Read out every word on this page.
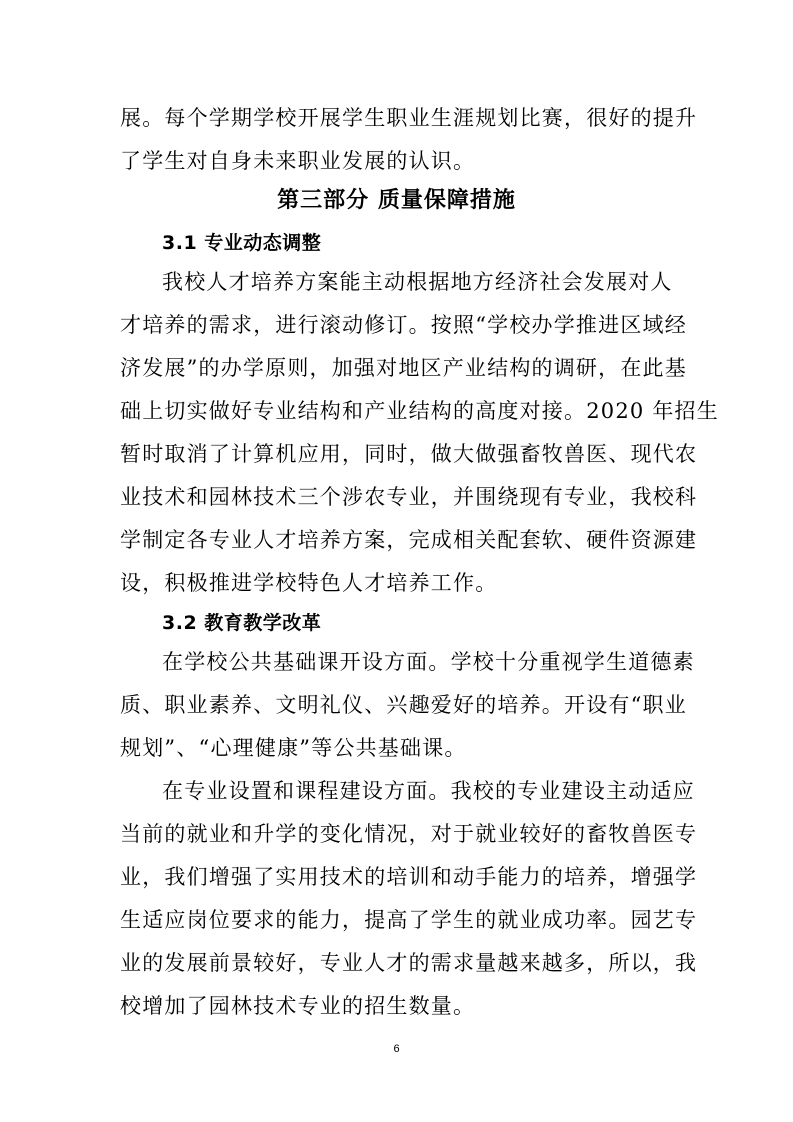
展。每个学期学校开展学生职业生涯规划比赛，很好的提升
了学生对自身未来职业发展的认识。
第三部分 质量保障措施
3.1 专业动态调整
我校人才培养方案能主动根据地方经济社会发展对人
才培养的需求，进行滚动修订。按照“学校办学推进区域经
济发展”的办学原则，加强对地区产业结构的调研，在此基
础上切实做好专业结构和产业结构的高度对接。2020 年招生
暂时取消了计算机应用，同时，做大做强畜牧兽医、现代农
业技术和园林技术三个涉农专业，并围绕现有专业，我校科
学制定各专业人才培养方案，完成相关配套软、硬件资源建
设，积极推进学校特色人才培养工作。
3.2 教育教学改革
在学校公共基础课开设方面。学校十分重视学生道德素
质、职业素养、文明礼仪、兴趣爱好的培养。开设有“职业
规划”、“心理健康”等公共基础课。
在专业设置和课程建设方面。我校的专业建设主动适应
当前的就业和升学的变化情况，对于就业较好的畜牧兽医专
业，我们增强了实用技术的培训和动手能力的培养，增强学
生适应岗位要求的能力，提高了学生的就业成功率。园艺专
业的发展前景较好，专业人才的需求量越来越多，所以，我
校增加了园林技术专业的招生数量。
6
